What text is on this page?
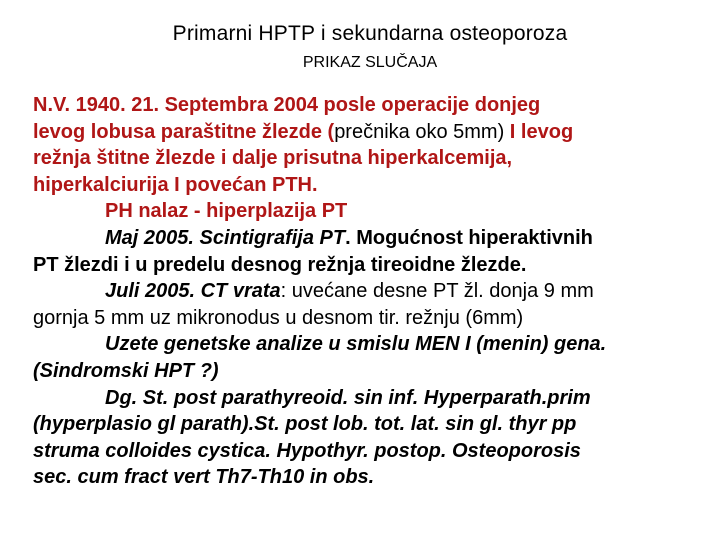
Primarni HPTP i sekundarna osteoporoza
PRIKAZ SLUČAJA
N.V. 1940. 21. Septembra 2004 posle operacije donjeg
levog lobusa paraštitne žlezde (prečnika oko 5mm) I levog
režnja štitne žlezde i dalje prisutna hiperkalcemija,
hiperkalciurija I povećan PTH.
PH nalaz - hiperplazija PT
Maj 2005. Scintigrafija PT. Mogućnost hiperaktivnih
PT žlezdi i u predelu desnog režnja tireoidne žlezde.
Juli 2005. CT vrata: uvećane desne PT žl. donja 9 mm
gornja 5 mm uz mikronodus u desnom tir. režnju (6mm)
Uzete genetske analize u smislu MEN I (menin) gena.
(Sindromski HPT ?)
Dg. St. post parathyreoid. sin inf. Hyperparath.prim
(hyperplasio gl parath).St. post lob. tot. lat. sin gl. thyr pp
struma colloides cystica. Hypothyr. postop. Osteoporosis
sec. cum fract vert Th7-Th10 in obs.
